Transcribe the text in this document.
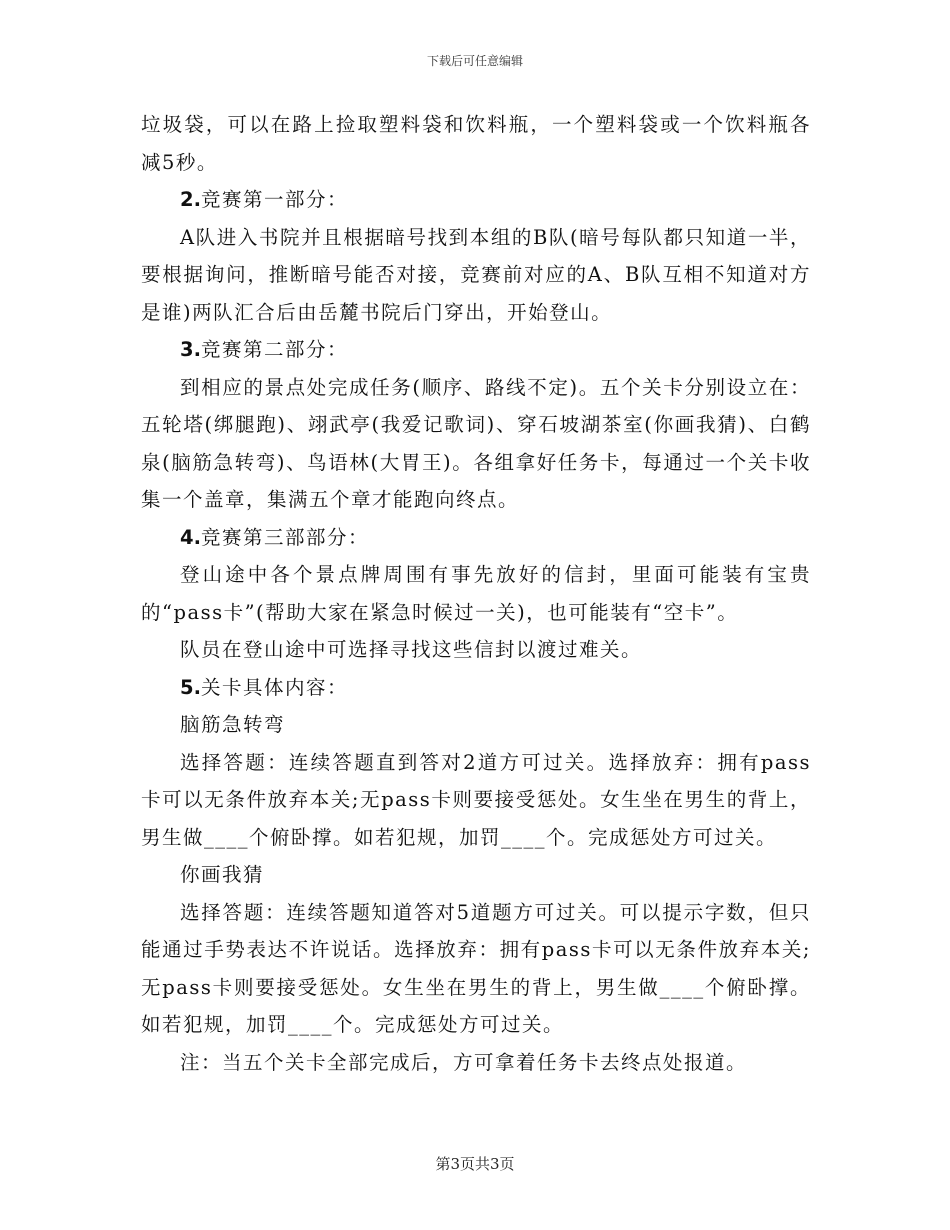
下载后可任意编辑

垃圾袋，可以在路上捡取塑料袋和饮料瓶，一个塑料袋或一个饮料瓶各减5秒。

2.竞赛第一部分：

A队进入书院并且根据暗号找到本组的B队(暗号每队都只知道一半，要根据询问，推断暗号能否对接，竞赛前对应的A、B队互相不知道对方是谁)两队汇合后由岳麓书院后门穿出，开始登山。

3.竞赛第二部分：

到相应的景点处完成任务(顺序、路线不定)。五个关卡分别设立在：五轮塔(绑腿跑)、翊武亭(我爱记歌词)、穿石坡湖茶室(你画我猜)、白鹤泉(脑筋急转弯)、鸟语林(大胃王)。各组拿好任务卡，每通过一个关卡收集一个盖章，集满五个章才能跑向终点。

4.竞赛第三部部分：

登山途中各个景点牌周围有事先放好的信封，里面可能装有宝贵的“pass卡”(帮助大家在紧急时候过一关)，也可能装有“空卡”。

队员在登山途中可选择寻找这些信封以渡过难关。

5.关卡具体内容：

脑筋急转弯

选择答题：连续答题直到答对2道方可过关。选择放弃：拥有pass卡可以无条件放弃本关;无pass卡则要接受惩处。女生坐在男生的背上，男生做____个俯卧撑。如若犯规，加罚____个。完成惩处方可过关。

你画我猜

选择答题：连续答题知道答对5道题方可过关。可以提示字数，但只能通过手势表达不许说话。选择放弃：拥有pass卡可以无条件放弃本关;无pass卡则要接受惩处。女生坐在男生的背上，男生做____个俯卧撑。如若犯规，加罚____个。完成惩处方可过关。

注：当五个关卡全部完成后，方可拿着任务卡去终点处报道。

第3页共3页
